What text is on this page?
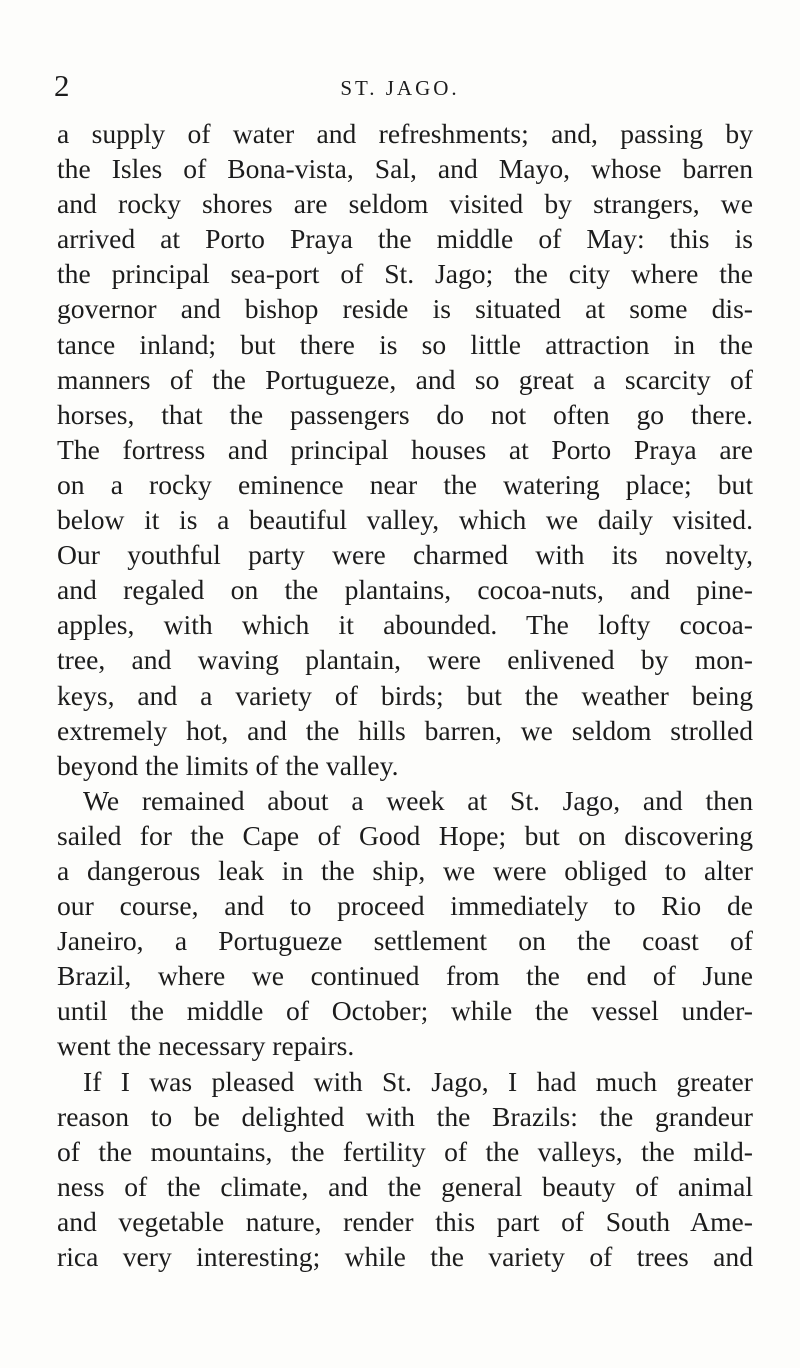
2	ST. JAGO.
a supply of water and refreshments; and, passing by
the Isles of Bona-vista, Sal, and Mayo, whose barren
and rocky shores are seldom visited by strangers, we
arrived at Porto Praya the middle of May: this is
the principal sea-port of St. Jago; the city where the
governor and bishop reside is situated at some dis-
tance inland; but there is so little attraction in the
manners of the Portugueze, and so great a scarcity of
horses, that the passengers do not often go there.
The fortress and principal houses at Porto Praya are
on a rocky eminence near the watering place; but
below it is a beautiful valley, which we daily visited.
Our youthful party were charmed with its novelty,
and regaled on the plantains, cocoa-nuts, and pine-
apples, with which it abounded. The lofty cocoa-
tree, and waving plantain, were enlivened by mon-
keys, and a variety of birds; but the weather being
extremely hot, and the hills barren, we seldom strolled
beyond the limits of the valley.
We remained about a week at St. Jago, and then
sailed for the Cape of Good Hope; but on discovering
a dangerous leak in the ship, we were obliged to alter
our course, and to proceed immediately to Rio de
Janeiro, a Portugueze settlement on the coast of
Brazil, where we continued from the end of June
until the middle of October; while the vessel under-
went the necessary repairs.
If I was pleased with St. Jago, I had much greater
reason to be delighted with the Brazils: the grandeur
of the mountains, the fertility of the valleys, the mild-
ness of the climate, and the general beauty of animal
and vegetable nature, render this part of South Ame-
rica very interesting; while the variety of trees and
